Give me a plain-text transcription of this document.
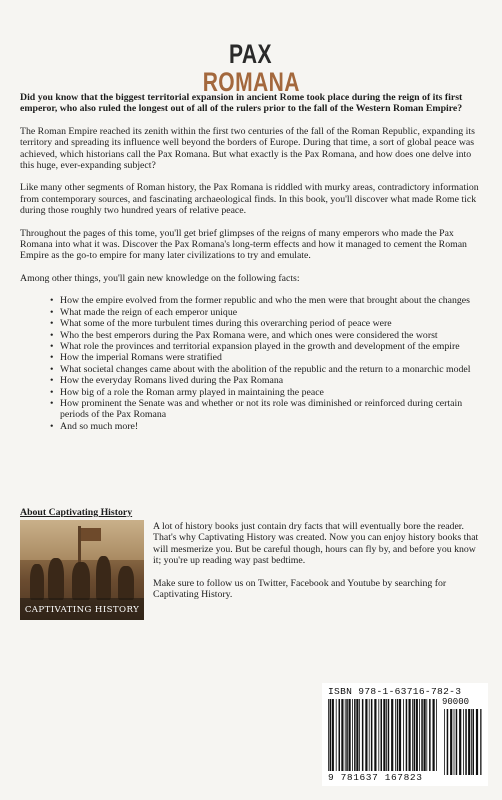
PAX
ROMANA

Did you know that the biggest territorial expansion in ancient Rome took place during the reign of its first emperor, who also ruled the longest out of all of the rulers prior to the fall of the Western Roman Empire?

The Roman Empire reached its zenith within the first two centuries of the fall of the Roman Republic, expanding its territory and spreading its influence well beyond the borders of Europe. During that time, a sort of global peace was achieved, which historians call the Pax Romana. But what exactly is the Pax Romana, and how does one delve into this huge, ever-expanding subject?

Like many other segments of Roman history, the Pax Romana is riddled with murky areas, contradictory information from contemporary sources, and fascinating archaeological finds. In this book, you'll discover what made Rome tick during those roughly two hundred years of relative peace.

Throughout the pages of this tome, you'll get brief glimpses of the reigns of many emperors who made the Pax Romana into what it was. Discover the Pax Romana's long-term effects and how it managed to cement the Roman Empire as the go-to empire for many later civilizations to try and emulate.

Among other things, you'll gain new knowledge on the following facts:

• How the empire evolved from the former republic and who the men were that brought about the changes
• What made the reign of each emperor unique
• What some of the more turbulent times during this overarching period of peace were
• Who the best emperors during the Pax Romana were, and which ones were considered the worst
• What role the provinces and territorial expansion played in the growth and development of the empire
• How the imperial Romans were stratified
• What societal changes came about with the abolition of the republic and the return to a monarchic model
• How the everyday Romans lived during the Pax Romana
• How big of a role the Roman army played in maintaining the peace
• How prominent the Senate was and whether or not its role was diminished or reinforced during certain periods of the Pax Romana
• And so much more!
About Captivating History
CAPTIVATING HISTORY

A lot of history books just contain dry facts that will eventually bore the reader. That's why Captivating History was created. Now you can enjoy history books that will mesmerize you. But be careful though, hours can fly by, and before you know it; you're up reading way past bedtime.

Make sure to follow us on Twitter, Facebook and Youtube by searching for Captivating History.

ISBN 978-1-63716-782-3
90000
9 781637 167823
